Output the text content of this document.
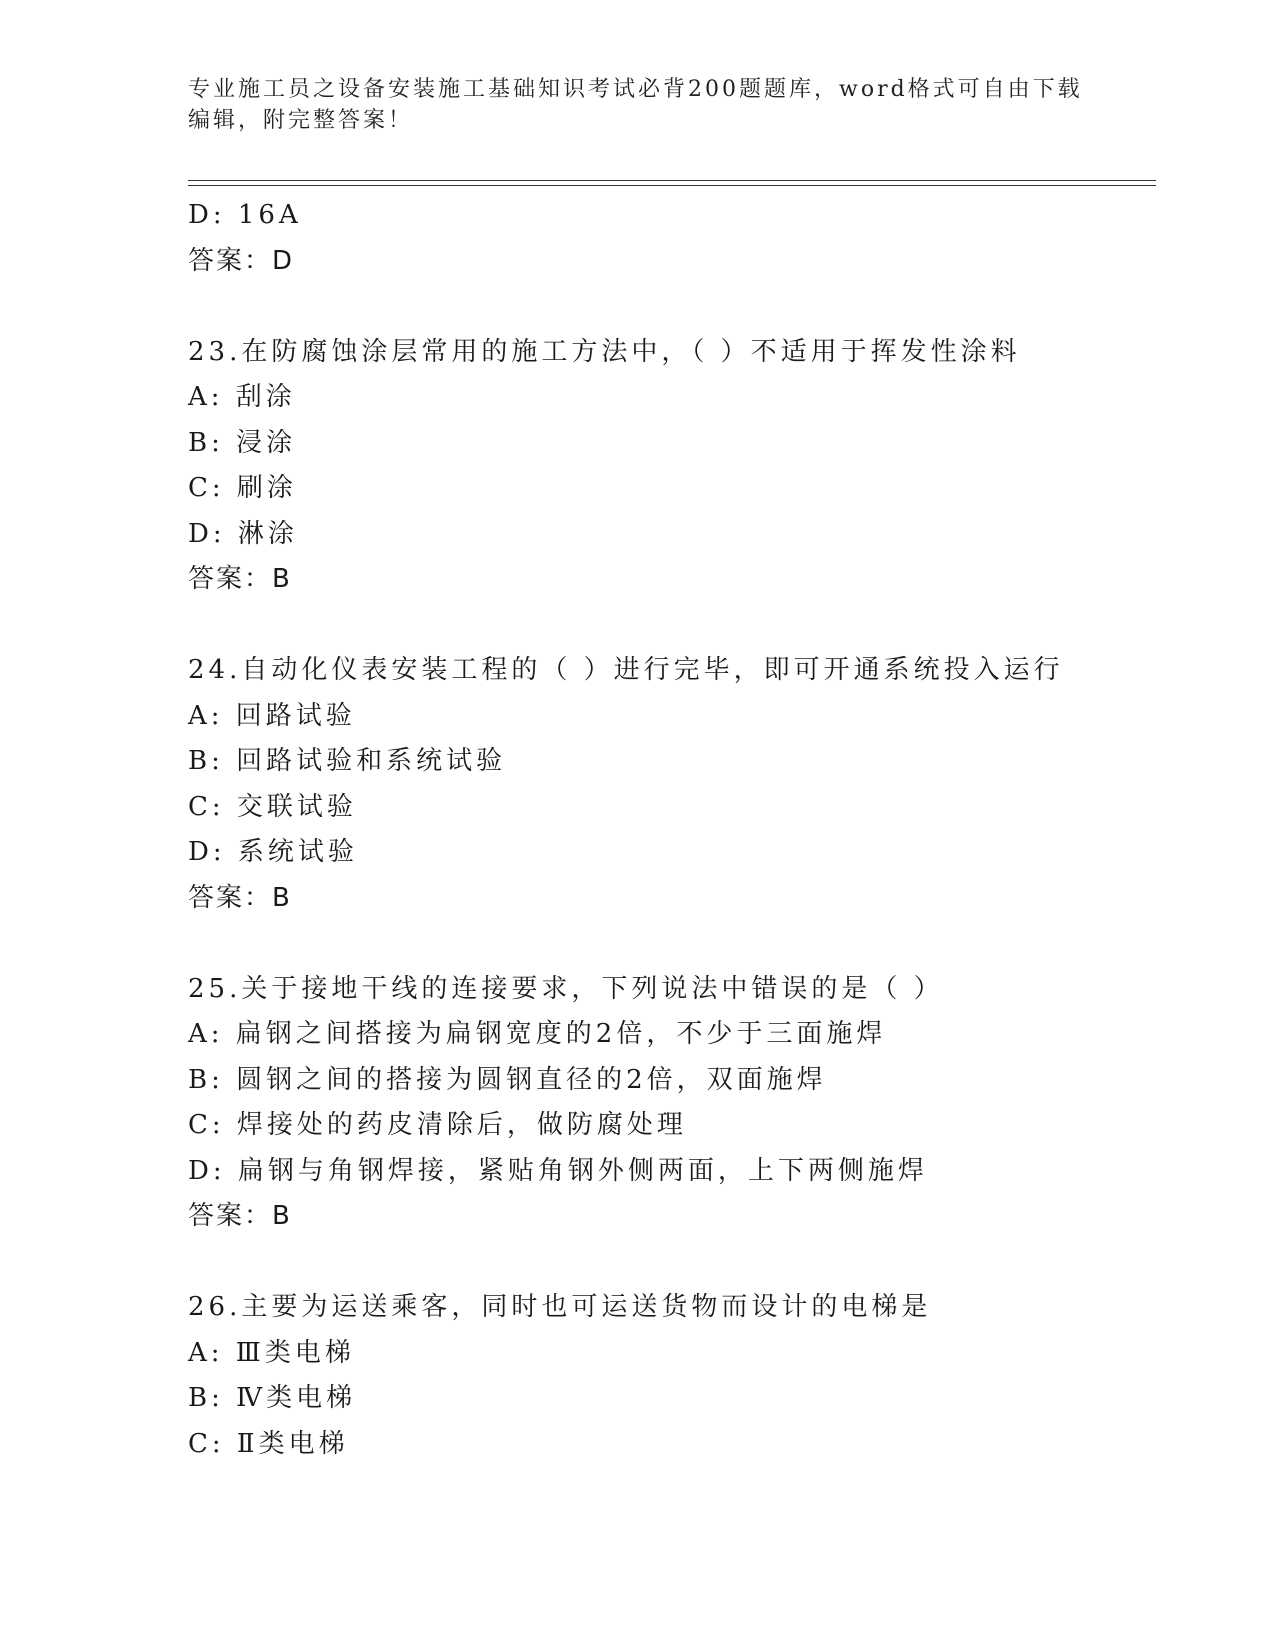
专业施工员之设备安装施工基础知识考试必背200题题库，word格式可自由下载
编辑，附完整答案！
D: 16A
答案：D
23.在防腐蚀涂层常用的施工方法中，（ ）不适用于挥发性涂料
A: 刮涂
B: 浸涂
C: 刷涂
D: 淋涂
答案：B
24.自动化仪表安装工程的（ ）进行完毕，即可开通系统投入运行
A: 回路试验
B: 回路试验和系统试验
C: 交联试验
D: 系统试验
答案：B
25.关于接地干线的连接要求，下列说法中错误的是（ ）
A: 扁钢之间搭接为扁钢宽度的2倍，不少于三面施焊
B: 圆钢之间的搭接为圆钢直径的2倍，双面施焊
C: 焊接处的药皮清除后，做防腐处理
D: 扁钢与角钢焊接，紧贴角钢外侧两面，上下两侧施焊
答案：B
26.主要为运送乘客，同时也可运送货物而设计的电梯是
A: Ⅲ类电梯
B: Ⅳ类电梯
C: Ⅱ类电梯
